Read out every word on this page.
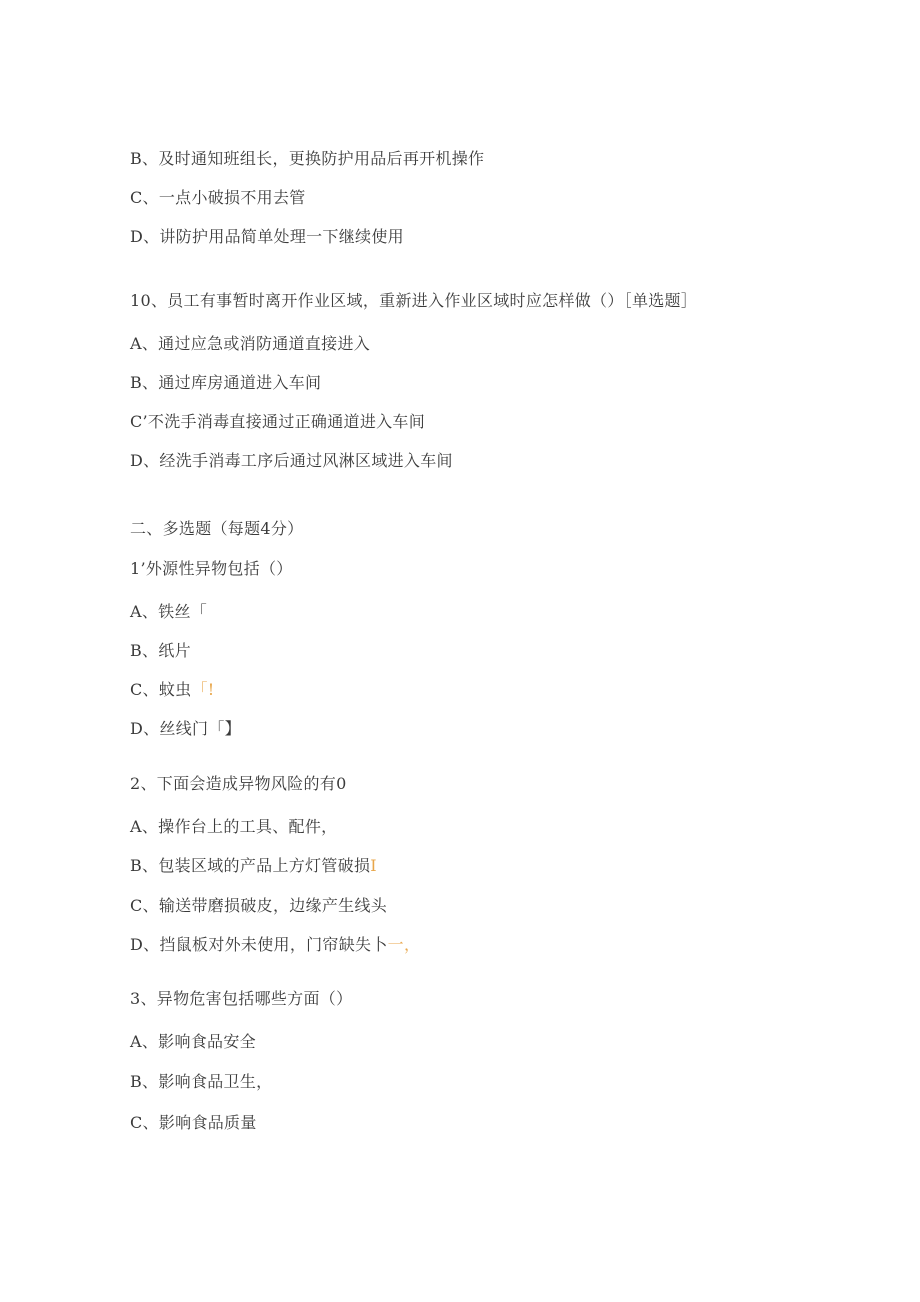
B、及时通知班组长，更换防护用品后再开机操作
C、一点小破损不用去管
D、讲防护用品简单处理一下继续使用
10、员工有事暂时离开作业区域，重新进入作业区域时应怎样做（）［单选题］
A、通过应急或消防通道直接进入
B、通过库房通道进入车间
C’不洗手消毒直接通过正确通道进入车间
D、经洗手消毒工序后通过风淋区域进入车间
二、多选题（每题4分）
1’外源性异物包括（）
A、铁丝「
B、纸片
C、蚊虫「!
D、丝线门「】
2、下面会造成异物风险的有0
A、操作台上的工具、配件，
B、包装区域的产品上方灯管破损I
C、输送带磨损破皮，边缘产生线头
D、挡鼠板对外未使用，门帘缺失卜一，
3、异物危害包括哪些方面（）
A、影响食品安全
B、影响食品卫生，
C、影响食品质量
